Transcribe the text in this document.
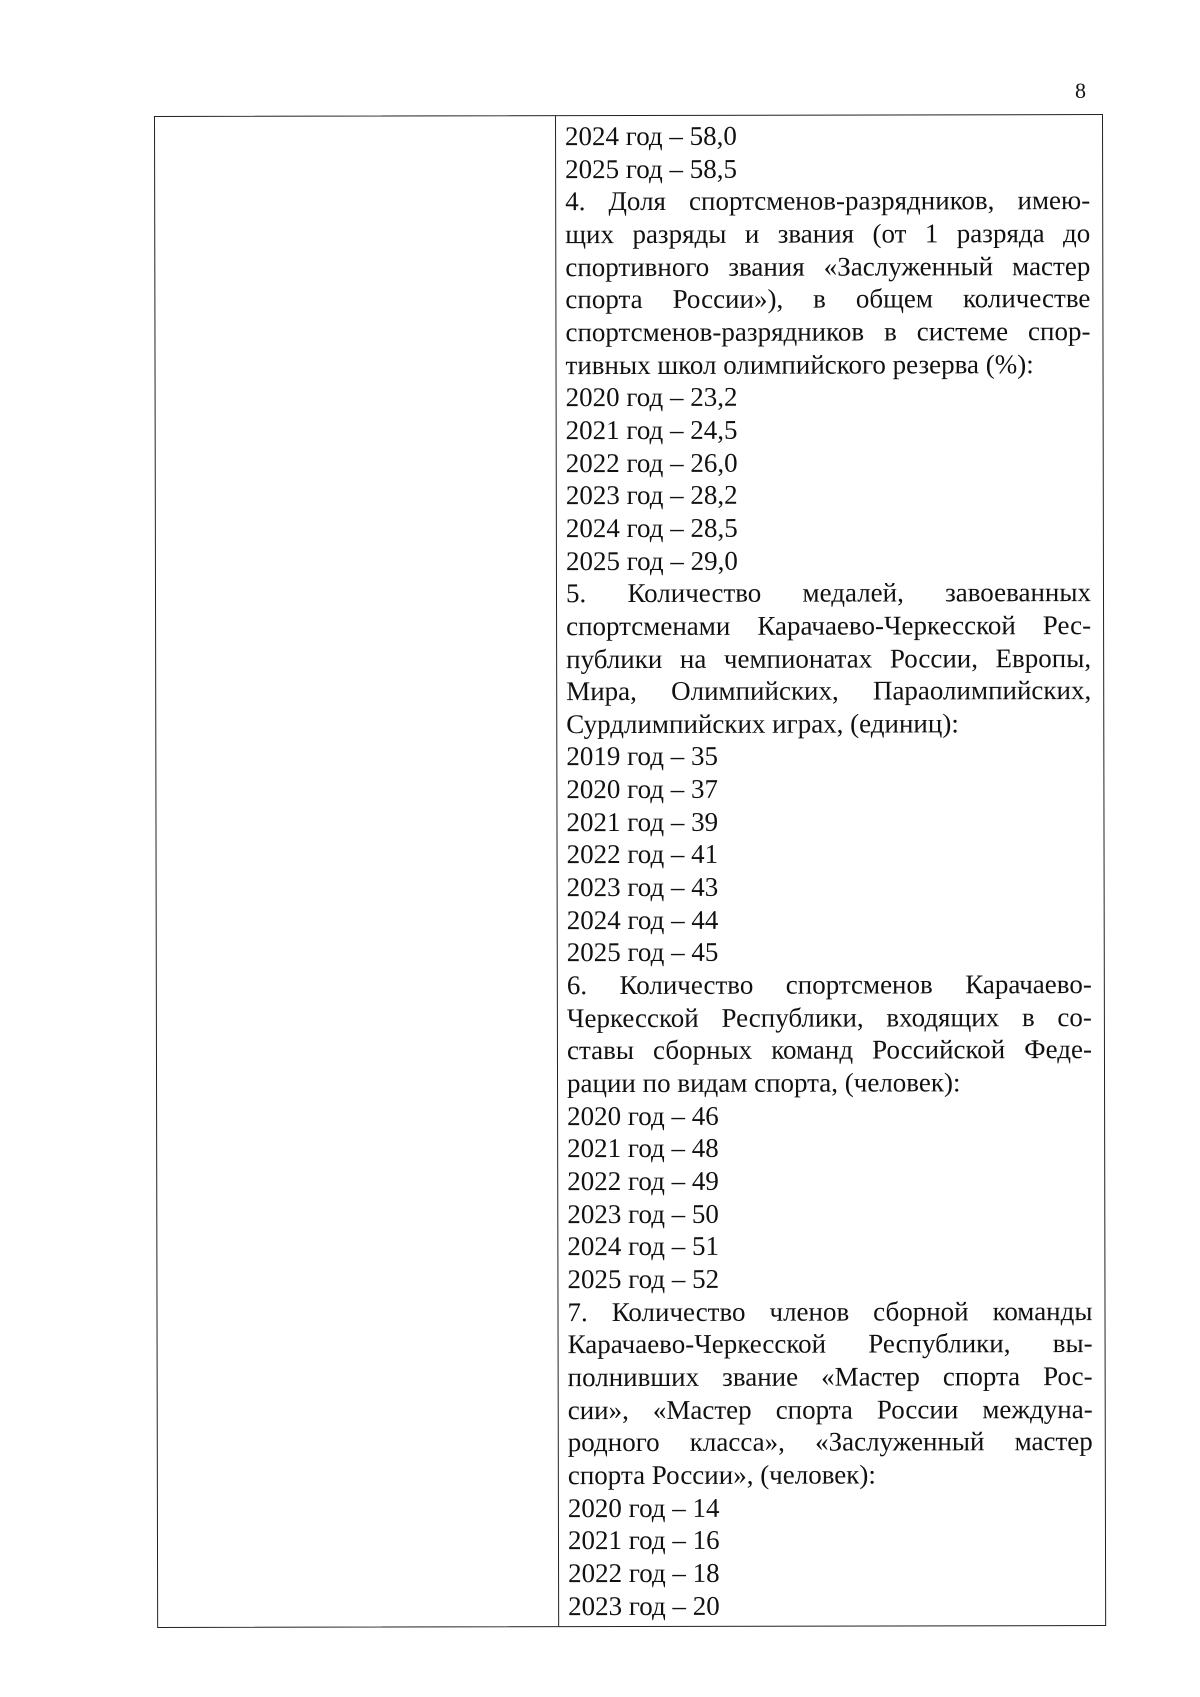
8
2024 год – 58,0
2025 год – 58,5
4. Доля спортсменов-разрядников, имею-
щих разряды и звания (от 1 разряда до
спортивного звания «Заслуженный мастер
спорта России»), в общем количестве
спортсменов-разрядников в системе спор-
тивных школ олимпийского резерва (%):
2020 год – 23,2
2021 год – 24,5
2022 год – 26,0
2023 год – 28,2
2024 год – 28,5
2025 год – 29,0
5. Количество медалей, завоеванных
спортсменами Карачаево-Черкесской Рес-
публики на чемпионатах России, Европы,
Мира, Олимпийских, Параолимпийских,
Сурдлимпийских играх, (единиц):
2019 год – 35
2020 год – 37
2021 год – 39
2022 год – 41
2023 год – 43
2024 год – 44
2025 год – 45
6. Количество спортсменов Карачаево-
Черкесской Республики, входящих в со-
ставы сборных команд Российской Феде-
рации по видам спорта, (человек):
2020 год – 46
2021 год – 48
2022 год – 49
2023 год – 50
2024 год – 51
2025 год – 52
7. Количество членов сборной команды
Карачаево-Черкесской Республики, вы-
полнивших звание «Мастер спорта Рос-
сии», «Мастер спорта России междуна-
родного класса», «Заслуженный мастер
спорта России», (человек):
2020 год – 14
2021 год – 16
2022 год – 18
2023 год – 20
